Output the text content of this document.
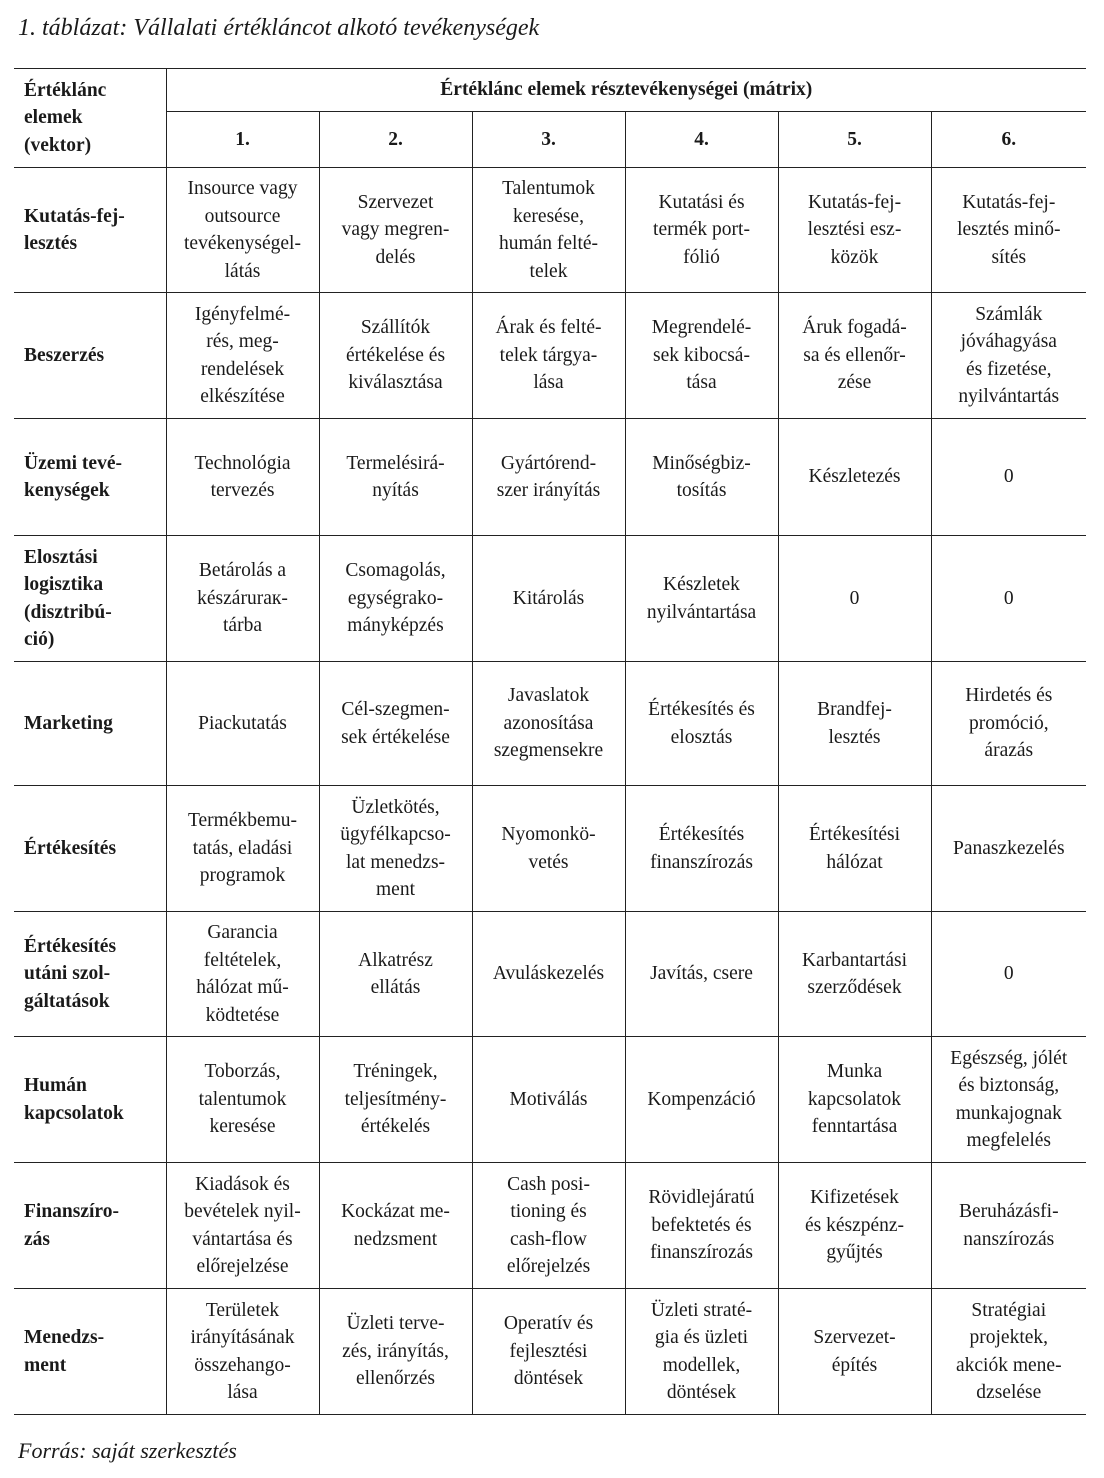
1. táblázat: Vállalati értékláncot alkotó tevékenységek
Értéklánc
elemek
(vektor)	Értéklánc elemek résztevékenységei (mátrix)					
	1.	2.	3.	4.	5.	6.

Kutatás-fej-
lesztés	Insource vagy
outsource
tevékenységel-
látás	Szervezet
vagy megren-
delés	Talentumok
keresése,
humán felté-
telek	Kutatási és
termék port-
fólió	Kutatás-fej-
lesztési esz-
közök	Kutatás-fej-
lesztés minő-
sítés

Beszerzés	Igényfelmé-
rés, meg-
rendelések
elkészítése	Szállítók
értékelése és
kiválasztása	Árak és felté-
telek tárgya-
lása	Megrendelé-
sek kibocsá-
tása	Áruk fogadá-
sa és ellenőr-
zése	Számlák
jóváhagyása
és fizetése,
nyilvántartás

Üzemi tevé-
kenységek	Technológia
tervezés	Termelésirá-
nyítás	Gyártórend-
szer irányítás	Minőségbiz-
tosítás	Készletezés	0

Elosztási
logisztika
(disztribú-
ció)	Betárolás a
készáruraк-
tárba	Csomagolás,
egységrako-
mányképzés	Kitárolás	Készletek
nyilvántartása	0	0

Marketing	Piackutatás	Cél-szegmen-
sek értékelése	Javaslatok
azonosítása
szegmensekre	Értékesítés és
elosztás	Brandfej-
lesztés	Hirdetés és
promóció,
árazás

Értékesítés	Termékbemu-
tatás, eladási
programok	Üzletkötés,
ügyfélkapcso-
lat menedzs-
ment	Nyomonkö-
vetés	Értékesítés
finanszírozás	Értékesítési
hálózat	Panaszkezelés

Értékesítés
utáni szol-
gáltatások	Garancia
feltételek,
hálózat mű-
ködtetése	Alkatrész
ellátás	Avuláskezelés	Javítás, csere	Karbantartási
szerződések	0

Humán
kapcsolatok	Toborzás,
talentumok
keresése	Tréningek,
teljesítmény-
értékelés	Motiválás	Kompenzáció	Munka
kapcsolatok
fenntartása	Egészség, jólét
és biztonság,
munkajognak
megfelelés

Finanszíro-
zás	Kiadások és
bevételek nyil-
vántartása és
előrejelzése	Kockázat me-
nedzsment	Cash posi-
tioning és
cash-flow
előrejelzés	Rövidlejáratú
befektetés és
finanszírozás	Kifizetések
és készpénz-
gyűjtés	Beruházásfi-
nanszírozás

Menedzs-
ment	Területek
irányításának
összehango-
lása	Üzleti terve-
zés, irányítás,
ellenőrzés	Operatív és
fejlesztési
döntések	Üzleti straté-
gia és üzleti
modellek,
döntések	Szervezet-
építés	Stratégiai
projektek,
akciók mene-
dzselése
Forrás: saját szerkesztés
